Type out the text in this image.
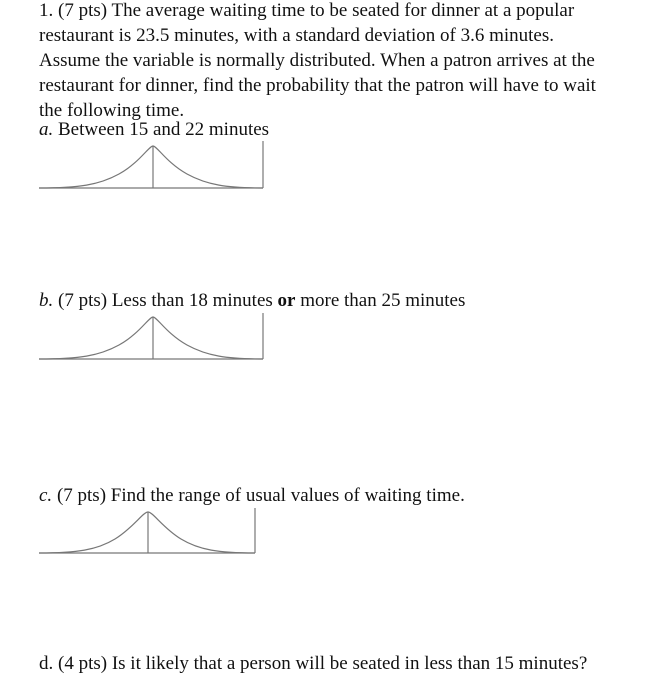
1. (7 pts) The average waiting time to be seated for dinner at a popular
restaurant is 23.5 minutes, with a standard deviation of 3.6 minutes.
Assume the variable is normally distributed. When a patron arrives at the
restaurant for dinner, find the probability that the patron will have to wait
the following time.
a. Between 15 and 22 minutes
b. (7 pts) Less than 18 minutes or more than 25 minutes
c. (7 pts) Find the range of usual values of waiting time.
d. (4 pts) Is it likely that a person will be seated in less than 15 minutes?
